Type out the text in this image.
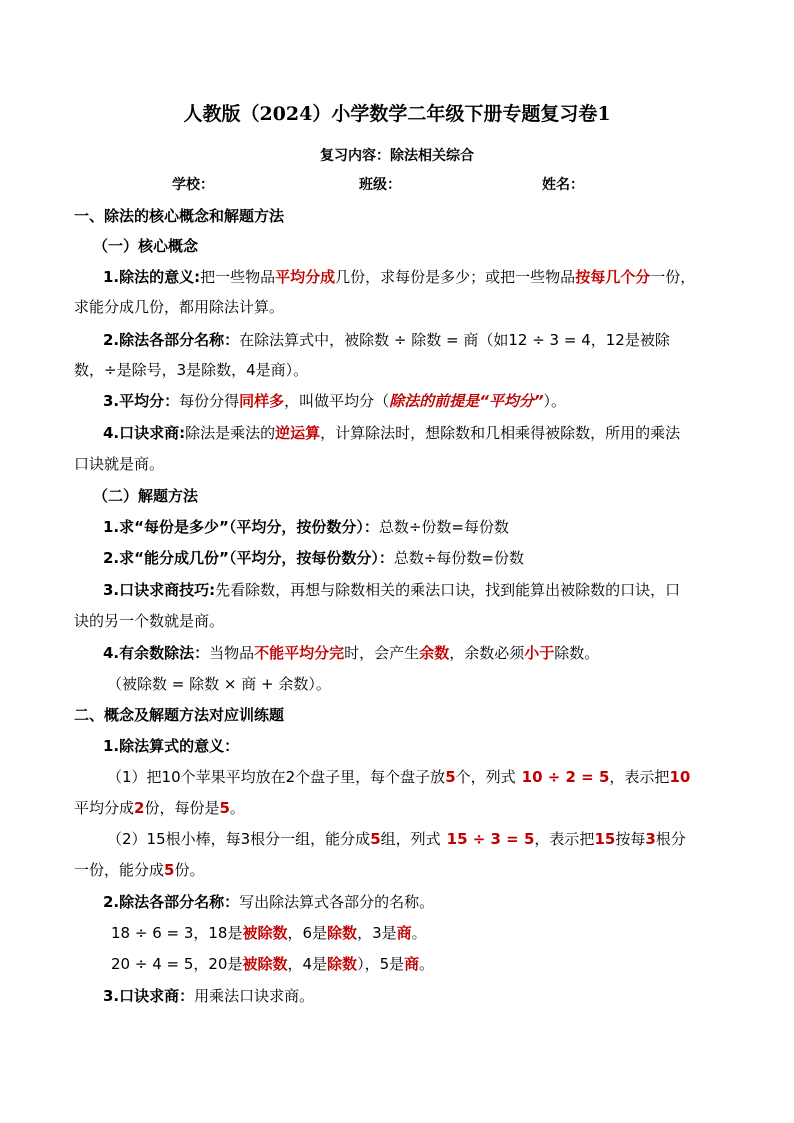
人教版（2024）小学数学二年级下册专题复习卷1
复习内容：除法相关综合
学校：	班级：	姓名：
一、除法的核心概念和解题方法
（一）核心概念
1.除法的意义:把一些物品平均分成几份，求每份是多少；或把一些物品按每几个分一份，
求能分成几份，都用除法计算。
2.除法各部分名称：在除法算式中，被除数 ÷ 除数 = 商（如12 ÷ 3 = 4，12是被除
数，÷是除号，3是除数，4是商）。
3.平均分：每份分得同样多，叫做平均分（除法的前提是“平均分”）。
4.口诀求商:除法是乘法的逆运算，计算除法时，想除数和几相乘得被除数，所用的乘法
口诀就是商。
（二）解题方法
1.求“每份是多少”（平均分，按份数分）：总数÷份数=每份数
2.求“能分成几份”（平均分，按每份数分）：总数÷每份数=份数
3.口诀求商技巧:先看除数，再想与除数相关的乘法口诀，找到能算出被除数的口诀，口
诀的另一个数就是商。
4.有余数除法：当物品不能平均分完时，会产生余数，余数必须小于除数。
（被除数 = 除数 × 商 + 余数）。
二、概念及解题方法对应训练题
1.除法算式的意义：
（1）把10个苹果平均放在2个盘子里，每个盘子放5个，列式 10 ÷ 2 = 5，表示把10
平均分成2份，每份是5。
（2）15根小棒，每3根分一组，能分成5组，列式 15 ÷ 3 = 5，表示把15按每3根分
一份，能分成5份。
2.除法各部分名称：写出除法算式各部分的名称。
18 ÷ 6 = 3，18是被除数，6是除数，3是商。
20 ÷ 4 = 5，20是被除数，4是除数），5是商。
3.口诀求商：用乘法口诀求商。
